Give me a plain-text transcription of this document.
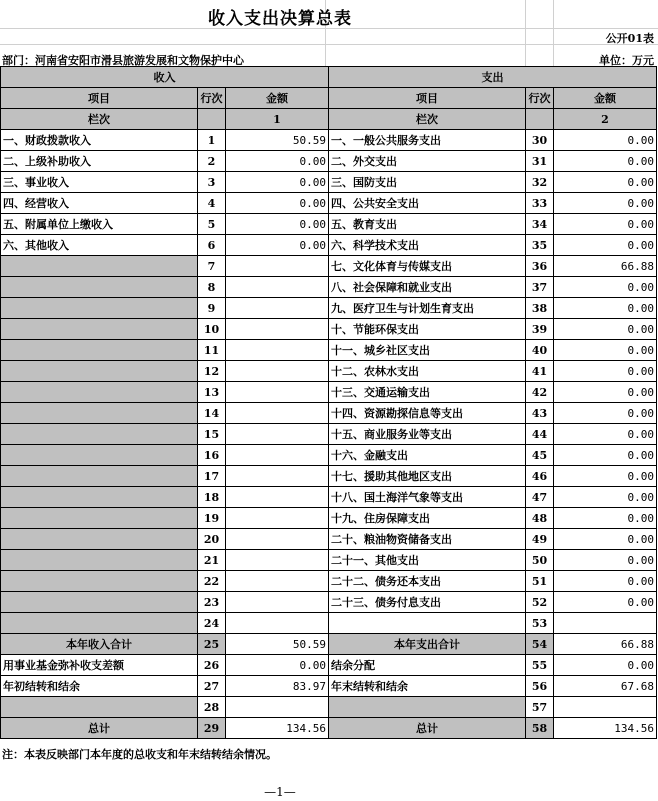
收入支出决算总表
公开01表
部门：河南省安阳市滑县旅游发展和文物保护中心	单位：万元
收入			支出		
项目	行次	金额	项目	行次	金额
栏次		1	栏次		2
一、财政拨款收入	1	50.59	一、一般公共服务支出	30	0.00
二、上级补助收入	2	0.00	二、外交支出	31	0.00
三、事业收入	3	0.00	三、国防支出	32	0.00
四、经营收入	4	0.00	四、公共安全支出	33	0.00
五、附属单位上缴收入	5	0.00	五、教育支出	34	0.00
六、其他收入	6	0.00	六、科学技术支出	35	0.00
	7		七、文化体育与传媒支出	36	66.88
	8		八、社会保障和就业支出	37	0.00
	9		九、医疗卫生与计划生育支出	38	0.00
	10		十、节能环保支出	39	0.00
	11		十一、城乡社区支出	40	0.00
	12		十二、农林水支出	41	0.00
	13		十三、交通运输支出	42	0.00
	14		十四、资源勘探信息等支出	43	0.00
	15		十五、商业服务业等支出	44	0.00
	16		十六、金融支出	45	0.00
	17		十七、援助其他地区支出	46	0.00
	18		十八、国土海洋气象等支出	47	0.00
	19		十九、住房保障支出	48	0.00
	20		二十、粮油物资储备支出	49	0.00
	21		二十一、其他支出	50	0.00
	22		二十二、债务还本支出	51	0.00
	23		二十三、债务付息支出	52	0.00
	24			53	
本年收入合计	25	50.59	本年支出合计	54	66.88
用事业基金弥补收支差额	26	0.00	结余分配	55	0.00
年初结转和结余	27	83.97	年末结转和结余	56	67.68
	28			57	
总计	29	134.56	总计	58	134.56
注：本表反映部门本年度的总收支和年末结转结余情况。
—1—
